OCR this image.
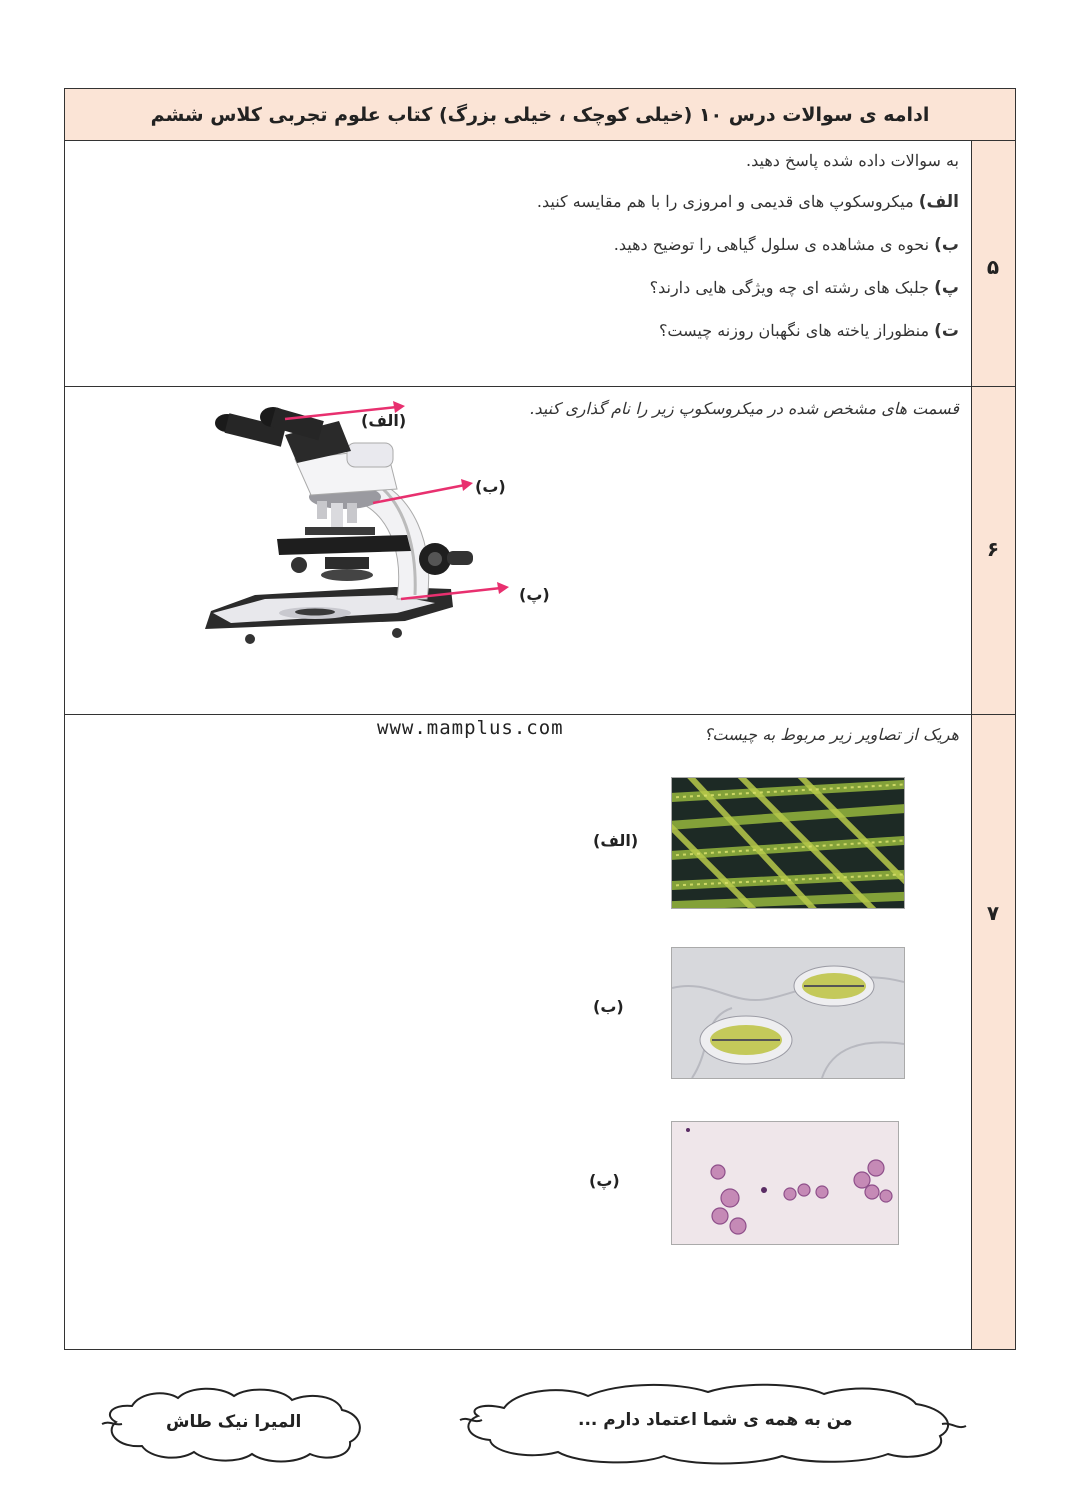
ادامه ی سوالات درس ۱۰ (خیلی کوچک ، خیلی بزرگ) کتاب علوم تجربی کلاس ششم
۵
۶
۷
به سوالات داده شده پاسخ دهید.
الف) میکروسکوپ های قدیمی و امروزی را با هم مقایسه کنید.
ب) نحوه ی مشاهده ی سلول گیاهی را توضیح دهید.
پ) جلبک های رشته ای چه ویژگی هایی دارند؟
ت) منظوراز یاخته های نگهبان روزنه چیست؟
قسمت های مشخص شده در میکروسکوپ زیر را نام گذاری کنید.
(الف)
(ب)
(پ)
هریک از تصاویر زیر مربوط به چیست؟
www.mamplus.com
(الف)
(ب)
(پ)
المیرا نیک طاش	من به همه ی شما اعتماد دارم ...
